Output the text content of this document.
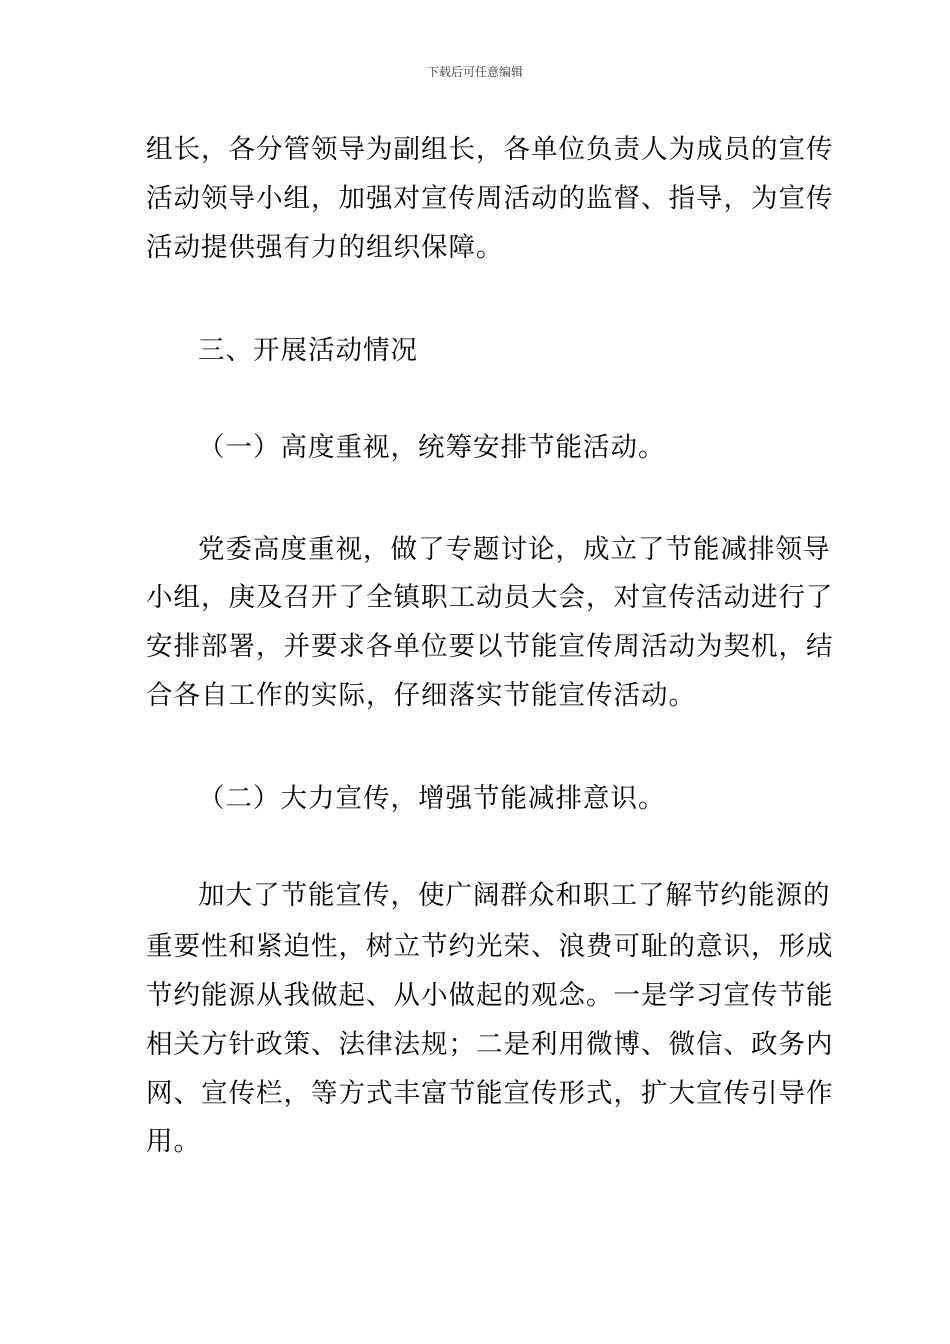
下载后可任意编辑
组长，各分管领导为副组长，各单位负责人为成员的宣传
活动领导小组，加强对宣传周活动的监督、指导，为宣传
活动提供强有力的组织保障。
三、开展活动情况
（一）高度重视，统筹安排节能活动。
党委高度重视，做了专题讨论，成立了节能减排领导
小组，庚及召开了全镇职工动员大会，对宣传活动进行了
安排部署，并要求各单位要以节能宣传周活动为契机，结
合各自工作的实际，仔细落实节能宣传活动。
（二）大力宣传，增强节能减排意识。
加大了节能宣传，使广阔群众和职工了解节约能源的
重要性和紧迫性，树立节约光荣、浪费可耻的意识，形成
节约能源从我做起、从小做起的观念。一是学习宣传节能
相关方针政策、法律法规；二是利用微博、微信、政务内
网、宣传栏，等方式丰富节能宣传形式，扩大宣传引导作
用。
